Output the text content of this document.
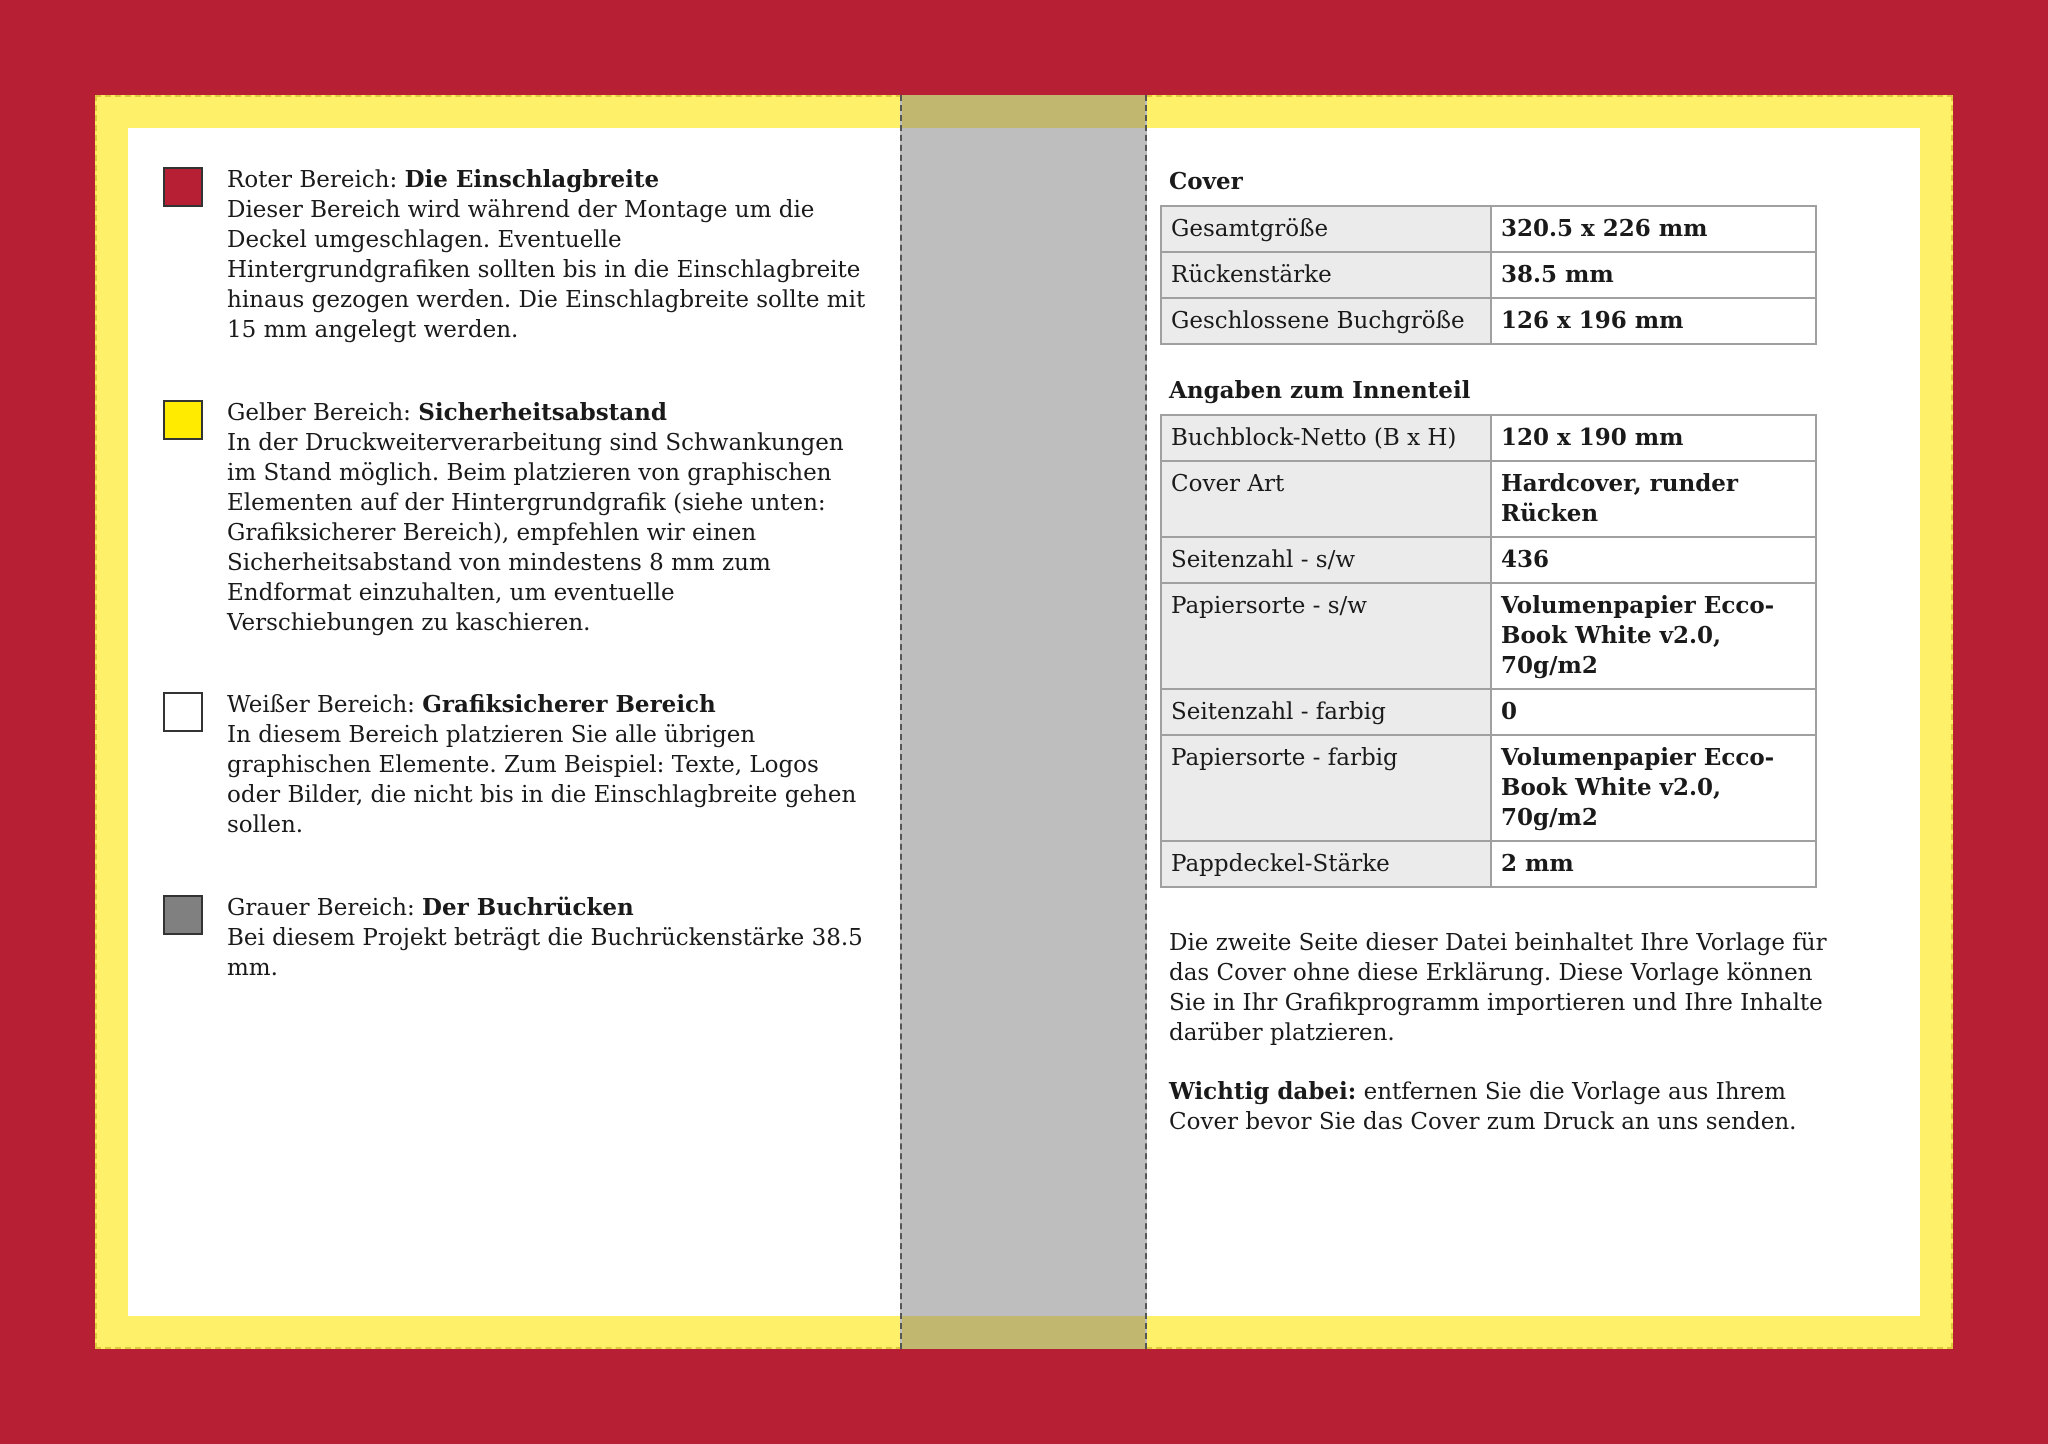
Roter Bereich: Die Einschlagbreite
Dieser Bereich wird während der Montage um die Deckel umgeschlagen. Eventuelle Hintergrundgrafiken sollten bis in die Einschlagbreite hinaus gezogen werden. Die Einschlagbreite sollte mit 15 mm angelegt werden.
Gelber Bereich: Sicherheitsabstand
In der Druckweiterverarbeitung sind Schwankungen im Stand möglich. Beim platzieren von graphischen Elementen auf der Hintergrundgrafik (siehe unten: Grafiksicherer Bereich), empfehlen wir einen Sicherheitsabstand von mindestens 8 mm zum Endformat einzuhalten, um eventuelle Verschiebungen zu kaschieren.
Weißer Bereich: Grafiksicherer Bereich
In diesem Bereich platzieren Sie alle übrigen graphischen Elemente. Zum Beispiel: Texte, Logos oder Bilder, die nicht bis in die Einschlagbreite gehen sollen.
Grauer Bereich: Der Buchrücken
Bei diesem Projekt beträgt die Buchrückenstärke 38.5 mm.
Cover
Gesamtgröße	320.5 x 226 mm
Rückenstärke	38.5 mm
Geschlossene Buchgröße	126 x 196 mm
Angaben zum Innenteil
Buchblock-Netto (B x H)	120 x 190 mm
Cover Art	Hardcover, runder Rücken
Seitenzahl - s/w	436
Papiersorte - s/w	Volumenpapier Ecco-Book White v2.0, 70g/m2
Seitenzahl - farbig	0
Papiersorte - farbig	Volumenpapier Ecco-Book White v2.0, 70g/m2
Pappdeckel-Stärke	2 mm
Die zweite Seite dieser Datei beinhaltet Ihre Vorlage für das Cover ohne diese Erklärung. Diese Vorlage können Sie in Ihr Grafikprogramm importieren und Ihre Inhalte darüber platzieren.
Wichtig dabei: entfernen Sie die Vorlage aus Ihrem Cover bevor Sie das Cover zum Druck an uns senden.
